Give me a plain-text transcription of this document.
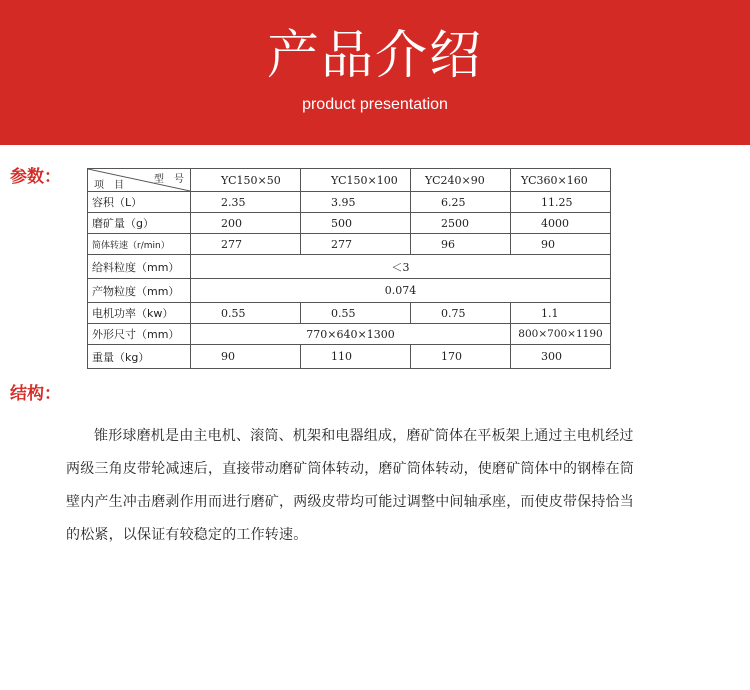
产品介绍
product presentation
参数：	型　号
项　目	YC150×50	YC150×100	YC240×90	YC360×160
容积（L）	2.35	3.95	6.25	11.25
磨矿量（g）	200	500	2500	4000
简体转速（r/min）	277	277	96	90
给料粒度（mm）	＜3			
产物粒度（mm）	0.074			
电机功率（kw）	0.55	0.55	0.75	1.1
外形尺寸（mm）	770×640×1300			800×700×1190
重量（kg）	90	110	170	300
结构：
锥形球磨机是由主电机、滚筒、机架和电器组成，磨矿筒体在平板架上通过主电机经过两级三角皮带轮减速后，直接带动磨矿筒体转动，磨矿筒体转动，使磨矿筒体中的钢棒在筒壁内产生冲击磨剥作用而进行磨矿，两级皮带均可能过调整中间轴承座，而使皮带保持恰当的松紧，以保证有较稳定的工作转速。
